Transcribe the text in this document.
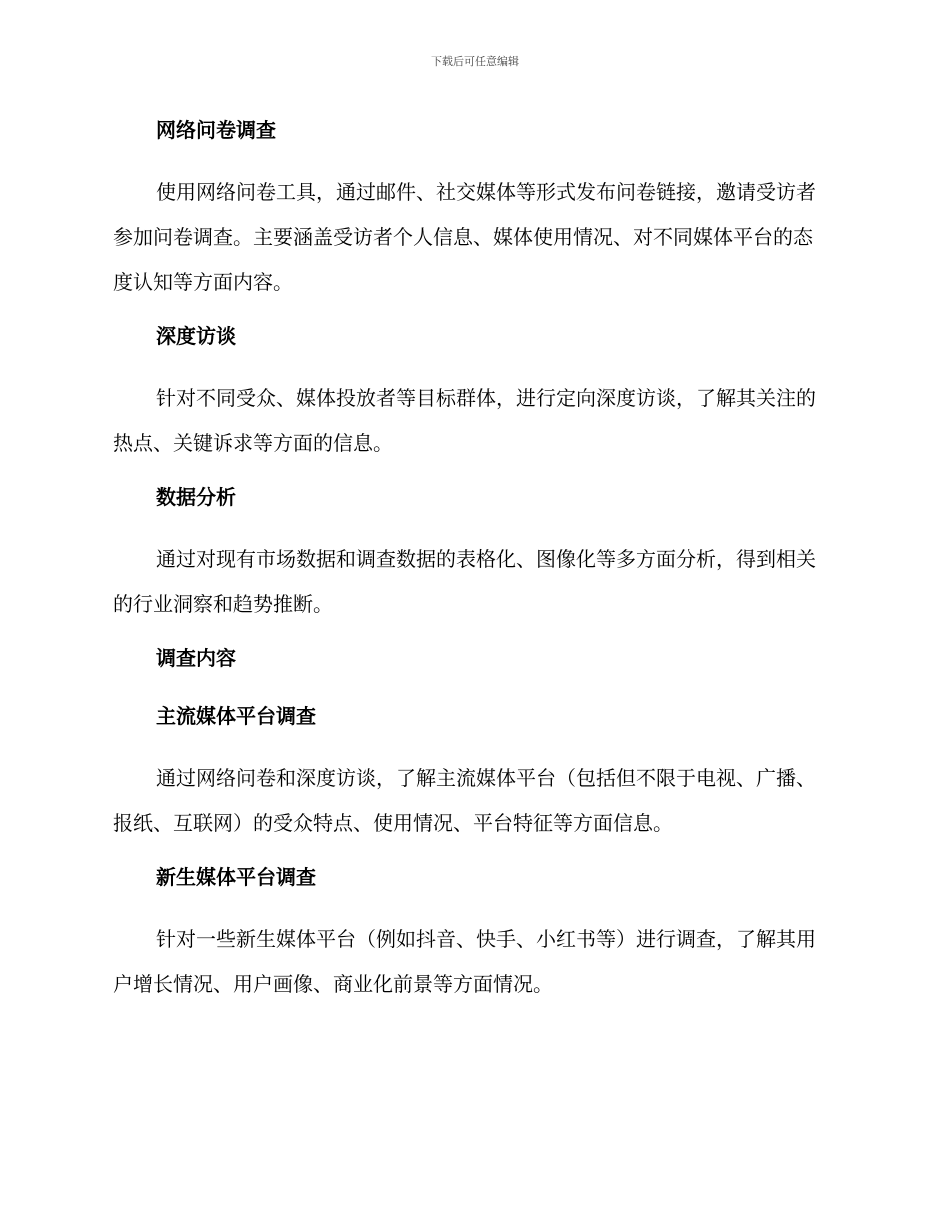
下载后可任意编辑
网络问卷调查

使用网络问卷工具，通过邮件、社交媒体等形式发布问卷链接，邀请受访者参加问卷调查。主要涵盖受访者个人信息、媒体使用情况、对不同媒体平台的态度认知等方面内容。

深度访谈

针对不同受众、媒体投放者等目标群体，进行定向深度访谈，了解其关注的热点、关键诉求等方面的信息。

数据分析

通过对现有市场数据和调查数据的表格化、图像化等多方面分析，得到相关的行业洞察和趋势推断。

调查内容
主流媒体平台调查

通过网络问卷和深度访谈，了解主流媒体平台（包括但不限于电视、广播、报纸、互联网）的受众特点、使用情况、平台特征等方面信息。

新生媒体平台调查

针对一些新生媒体平台（例如抖音、快手、小红书等）进行调查，了解其用户增长情况、用户画像、商业化前景等方面情况。
